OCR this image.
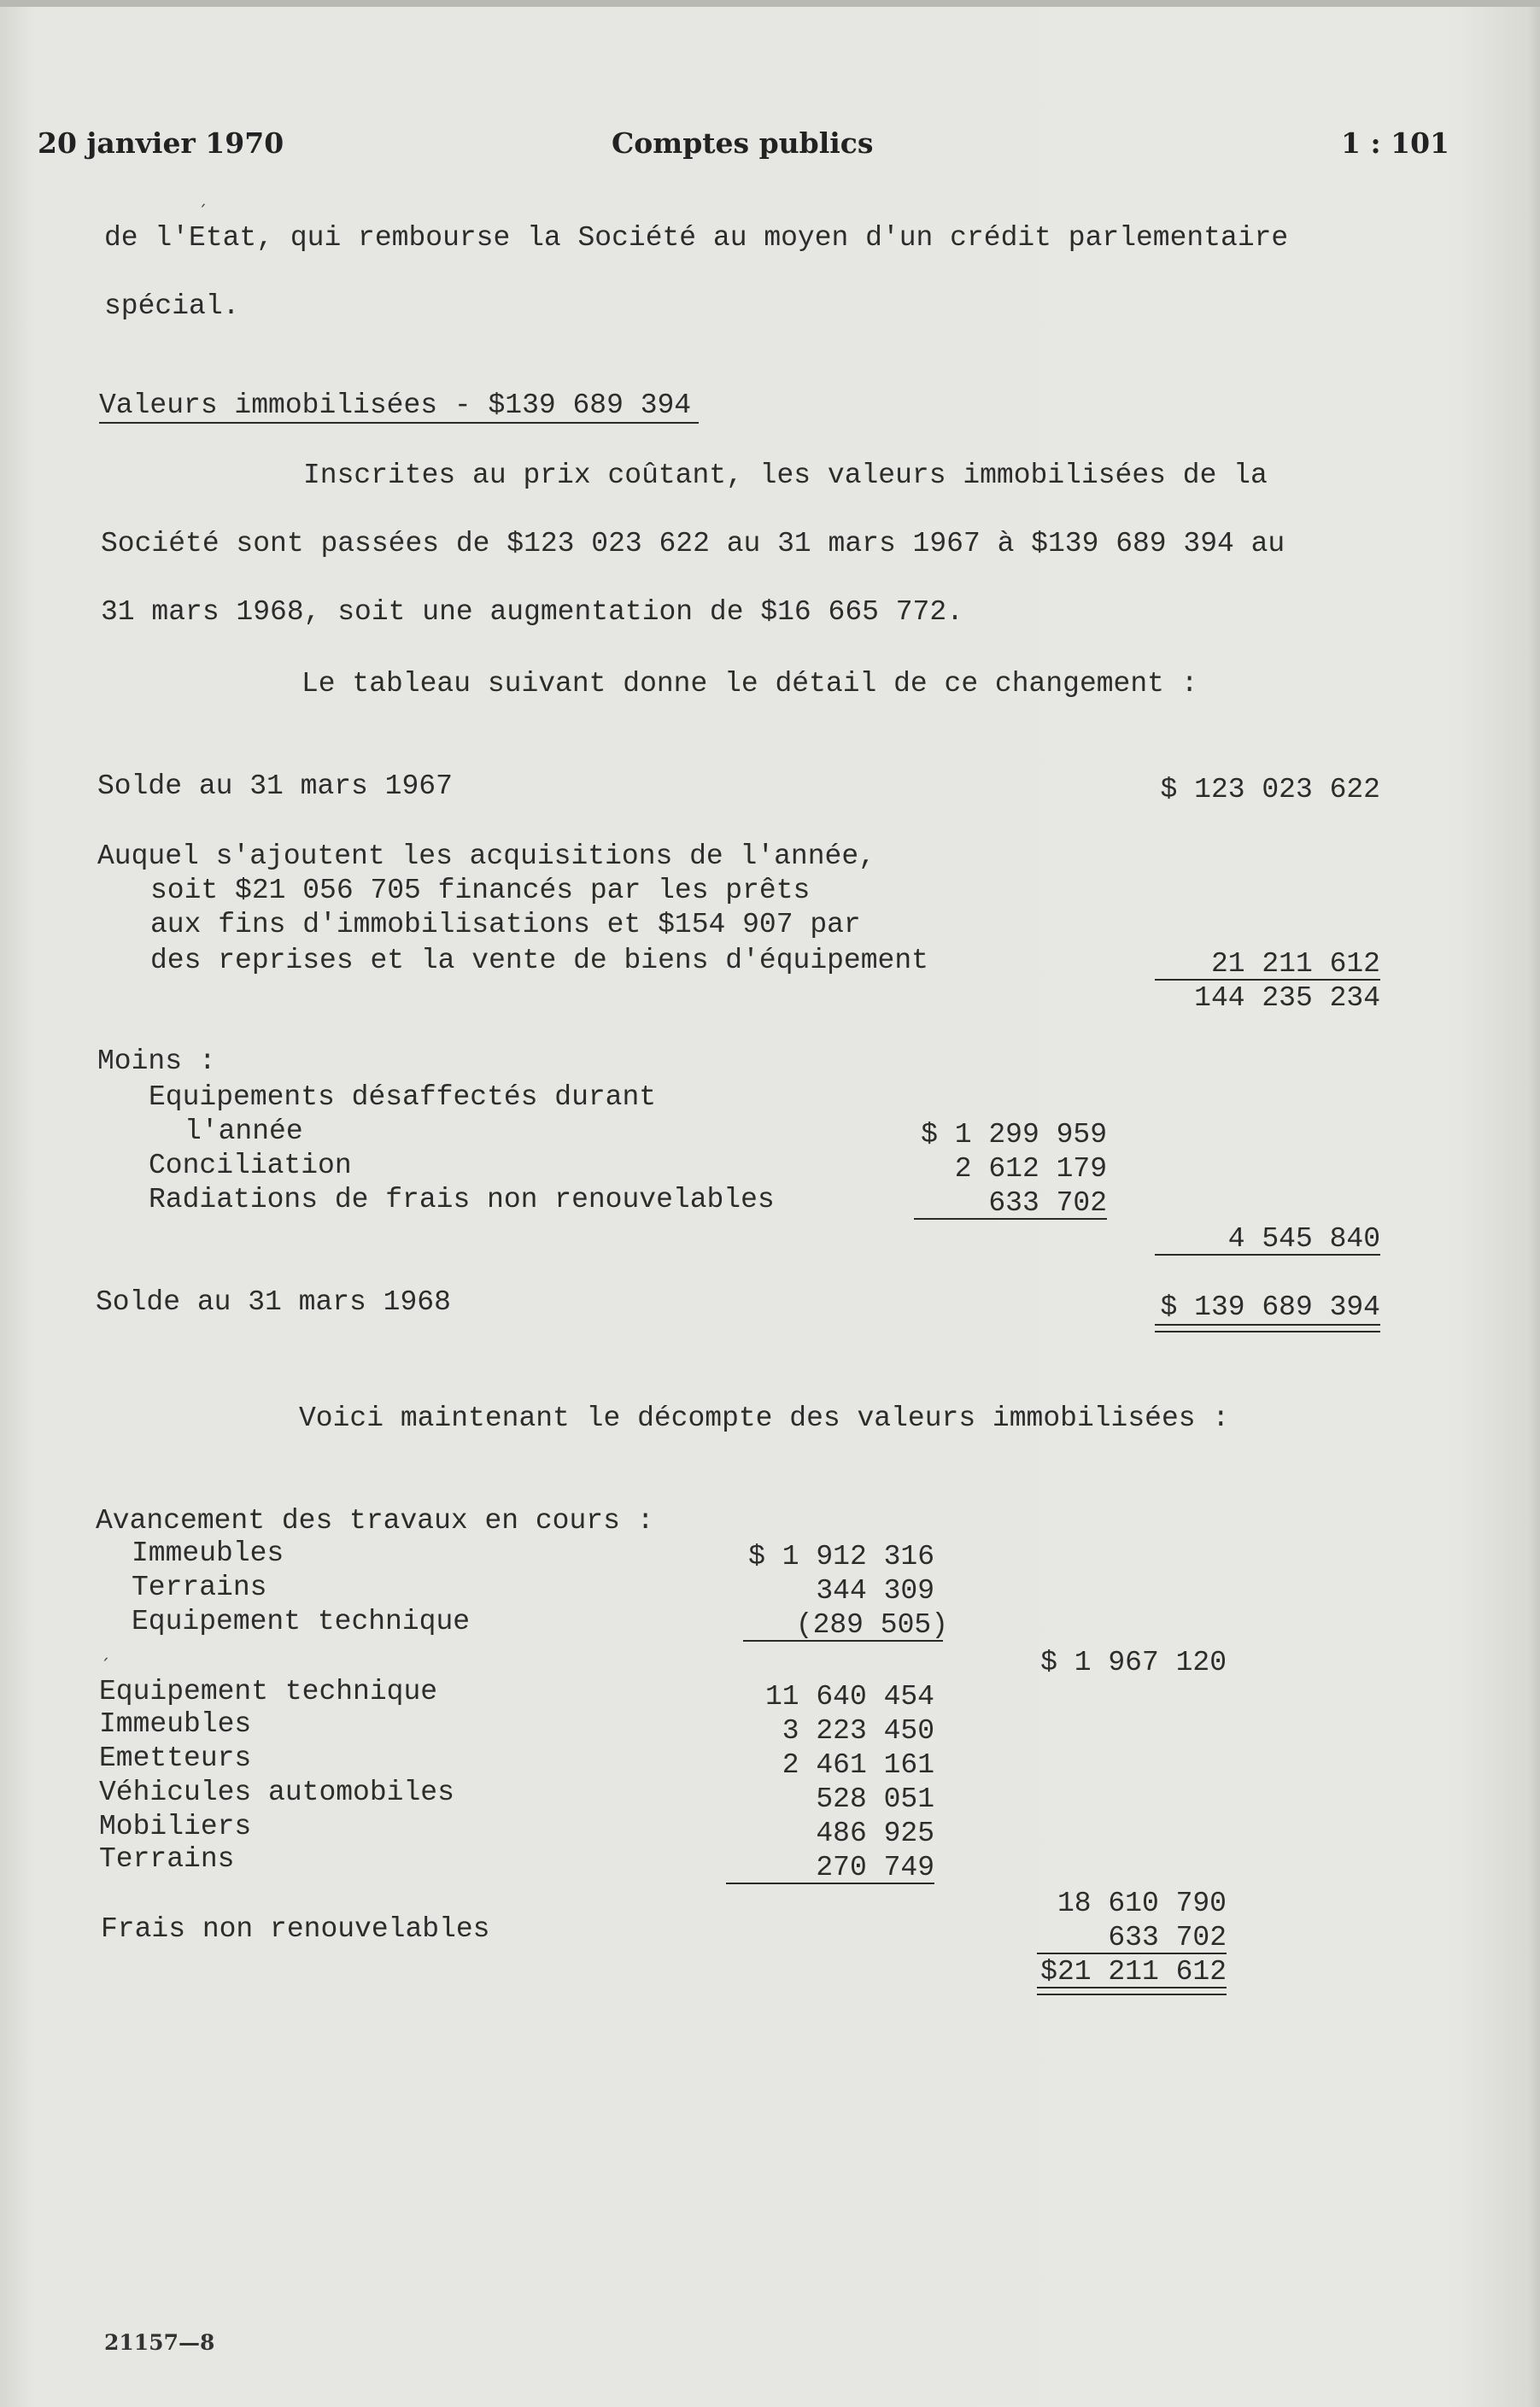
20 janvier 1970	Comptes publics	1 : 101
de l'Etat, qui rembourse la Société au moyen d'un crédit parlementaire
ˊ
spécial.
Valeurs immobilisées - $139 689 394
Inscrites au prix coûtant, les valeurs immobilisées de la
Société sont passées de $123 023 622 au 31 mars 1967 à $139 689 394 au
31 mars 1968, soit une augmentation de $16 665 772.
Le tableau suivant donne le détail de ce changement :
Solde au 31 mars 1967	$ 123 023 622
Auquel s'ajoutent les acquisitions de l'année,
soit $21 056 705 financés par les prêts
aux fins d'immobilisations et $154 907 par
des reprises et la vente de biens d'équipement	21 211 612
144 235 234
Moins :
Equipements désaffectés durant
l'année	$ 1 299 959
Conciliation	2 612 179
Radiations de frais non renouvelables	633 702
4 545 840
Solde au 31 mars 1968	$ 139 689 394
Voici maintenant le décompte des valeurs immobilisées :
Avancement des travaux en cours :
Immeubles	$ 1 912 316
Terrains	344 309
Equipement technique	(289 505)
$ 1 967 120
ˊ
Equipement technique	11 640 454
Immeubles	3 223 450
Emetteurs	2 461 161
Véhicules automobiles	528 051
Mobiliers	486 925
Terrains	270 749
18 610 790
Frais non renouvelables	633 702
$21 211 612
21157—8
